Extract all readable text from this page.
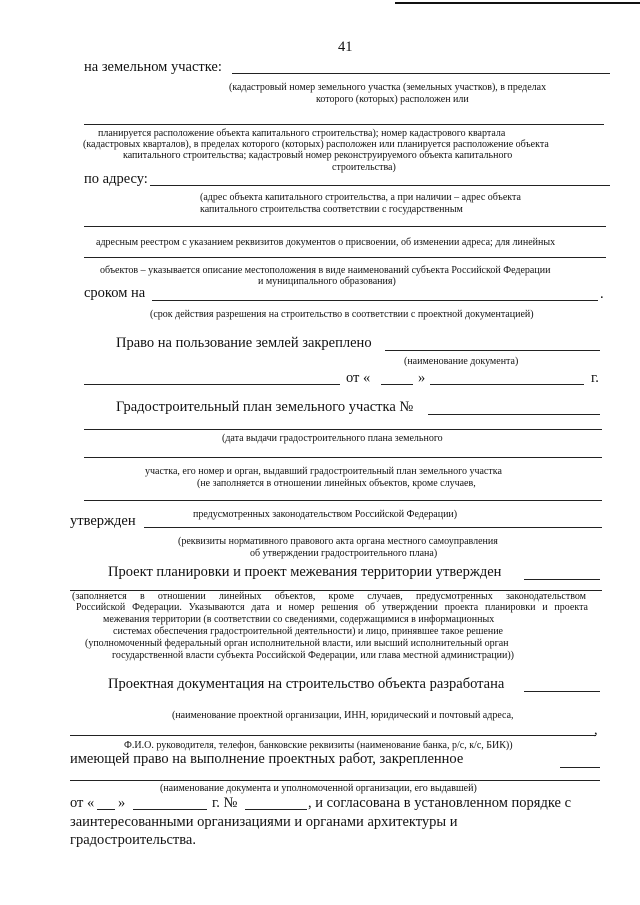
41
на земельном участке:
(кадастровый номер земельного участка (земельных участков), в пределах
которого (которых) расположен или
планируется расположение объекта капитального строительства); номер кадастрового квартала
(кадастровых кварталов), в пределах которого (которых) расположен или планируется расположение объекта
капитального строительства; кадастровый номер реконструируемого объекта капитального
строительства)
по адресу:
(адрес объекта капитального строительства, а при наличии – адрес объекта
капитального строительства соответствии с государственным
адресным реестром с указанием реквизитов документов о присвоении, об изменении адреса; для линейных
объектов – указывается описание местоположения в виде наименований субъекта Российской Федерации
и муниципального образования)
сроком на	.
(срок действия разрешения на строительство в соответствии с проектной документацией)
Право на пользование землей закреплено
(наименование документа)
от «	»	г.
Градостроительный план земельного участка №
(дата выдачи градостроительного плана земельного
участка, его номер и орган, выдавший градостроительный план земельного участка
(не заполняется в отношении линейных объектов, кроме случаев,
предусмотренных законодательством Российской Федерации)
утвержден
(реквизиты нормативного правового акта органа местного самоуправления
об утверждении градостроительного плана)
Проект планировки и проект межевания территории утвержден
(заполняется в отношении линейных объектов, кроме случаев, предусмотренных законодательством
Российской Федерации. Указываются дата и номер решения об утверждении проекта планировки и проекта
межевания территории (в соответствии со сведениями, содержащимися в информационных
системах обеспечения градостроительной деятельности) и лицо, принявшее такое решение
(уполномоченный федеральный орган исполнительной власти, или высший исполнительный орган
государственной власти субъекта Российской Федерации, или глава местной администрации))
Проектная документация на строительство объекта разработана
(наименование проектной организации, ИНН, юридический и почтовый адреса,
,
Ф.И.О. руководителя, телефон, банковские реквизиты (наименование банка, р/с, к/с, БИК))
имеющей право на выполнение проектных работ, закрепленное
(наименование документа и уполномоченной организации, его выдавшей)
от « »	г. №	, и согласована в установленном порядке с
заинтересованными организациями и органами архитектуры и
градостроительства.
